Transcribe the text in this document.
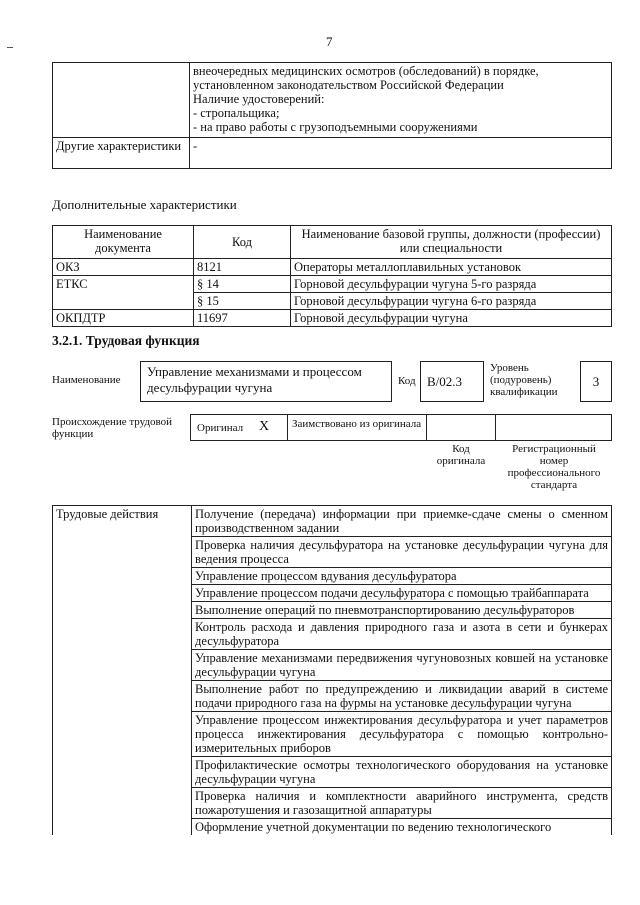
7

	внеочередных медицинских осмотров (обследований) в порядке,
установленном законодательством Российской Федерации
Наличие удостоверений:
- стропальщика;
- на право работы с грузоподъемными сооружениями

Другие характеристики	-
Дополнительные характеристики
Наименование документа	Код	Наименование базовой группы, должности (профессии) или специальности
ОКЗ	8121	Операторы металлоплавильных установок
ЕТКС	§ 14	Горновой десульфурации чугуна 5-го разряда
	§ 15	Горновой десульфурации чугуна 6-го разряда
ОКПДТР	11697	Горновой десульфурации чугуна
3.2.1. Трудовая функция
Наименование
Управление механизмами и процессом десульфурации чугуна	Код B/02.3
Уровень (подуровень) квалификации
3
Происхождение трудовой функции	Оригинал X	Заимствовано из оригинала
Код оригинала
Регистрационный номер профессионального стандарта
Трудовые действия	Получение (передача) информации при приемке-сдаче смены о сменном производственном задании
Проверка наличия десульфуратора на установке десульфурации чугуна для ведения процесса
Управление процессом вдувания десульфуратора
Управление процессом подачи десульфуратора с помощью трайбаппарата
Выполнение операций по пневмотранспортированию десульфураторов
Контроль расхода и давления природного газа и азота в сети и бункерах десульфуратора
Управление механизмами передвижения чугуновозных ковшей на установке десульфурации чугуна
Выполнение работ по предупреждению и ликвидации аварий в системе подачи природного газа на фурмы на установке десульфурации чугуна
Управление процессом инжектирования десульфуратора и учет параметров процесса инжектирования десульфуратора с помощью контрольно-измерительных приборов
Профилактические осмотры технологического оборудования на установке десульфурации чугуна
Проверка наличия и комплектности аварийного инструмента, средств пожаротушения и газозащитной аппаратуры
Оформление учетной документации по ведению технологического
